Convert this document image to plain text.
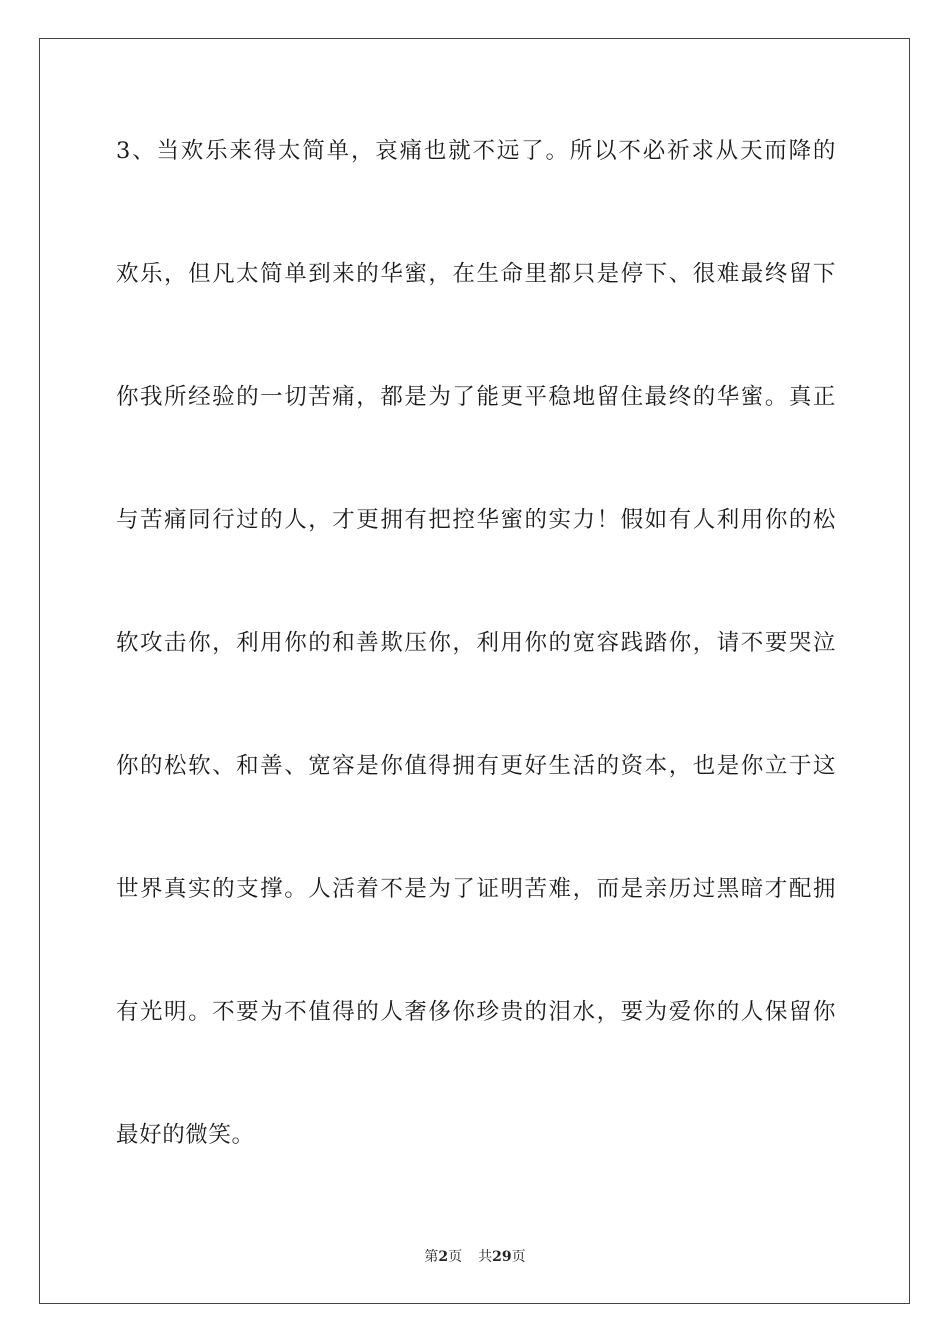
3、当欢乐来得太简单，哀痛也就不远了。所以不必祈求从天而降的
欢乐，但凡太简单到来的华蜜，在生命里都只是停下、很难最终留下
你我所经验的一切苦痛，都是为了能更平稳地留住最终的华蜜。真正
与苦痛同行过的人，才更拥有把控华蜜的实力！假如有人利用你的松
软攻击你，利用你的和善欺压你，利用你的宽容践踏你，请不要哭泣
你的松软、和善、宽容是你值得拥有更好生活的资本，也是你立于这
世界真实的支撑。人活着不是为了证明苦难，而是亲历过黑暗才配拥
有光明。不要为不值得的人奢侈你珍贵的泪水，要为爱你的人保留你
最好的微笑。
第2页 共29页
